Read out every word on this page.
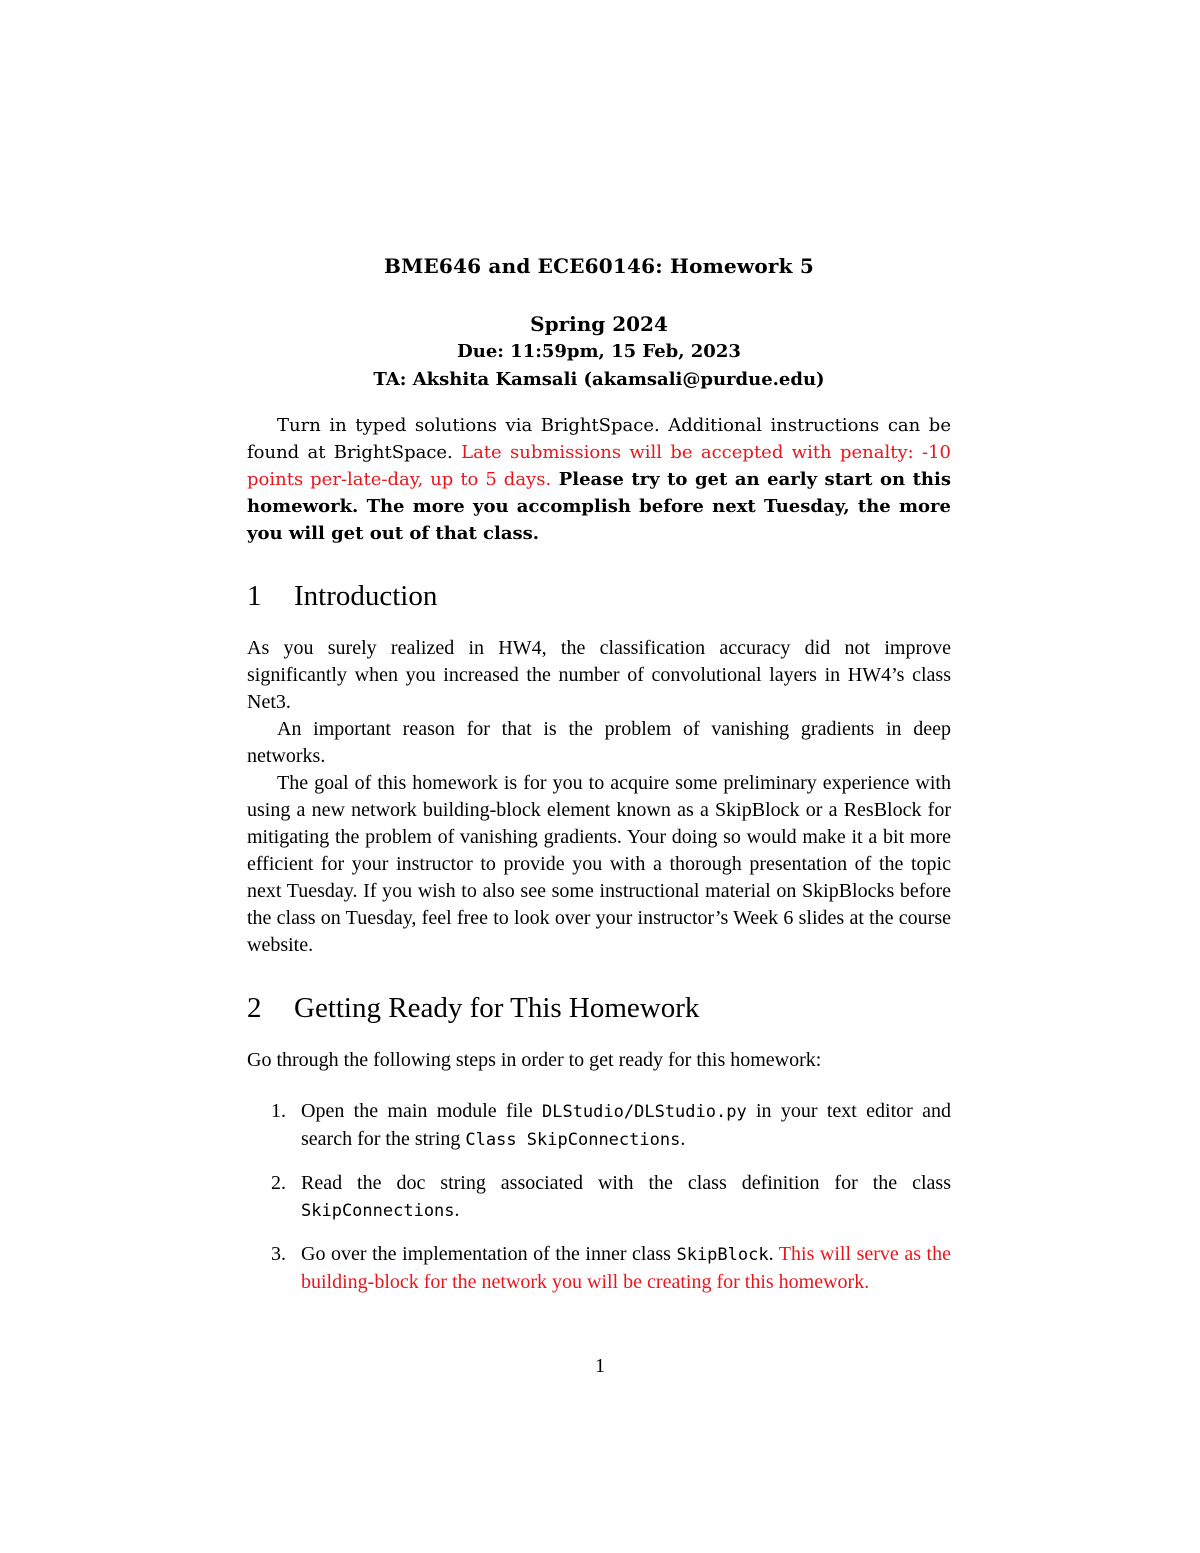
BME646 and ECE60146: Homework 5
Spring 2024
Due: 11:59pm, 15 Feb, 2023
TA: Akshita Kamsali (akamsali@purdue.edu)

Turn in typed solutions via BrightSpace. Additional instructions can be found at BrightSpace. Late submissions will be accepted with penalty: -10 points per-late-day, up to 5 days. Please try to get an early start on this homework. The more you accomplish before next Tuesday, the more you will get out of that class.

1	Introduction

As you surely realized in HW4, the classification accuracy did not improve significantly when you increased the number of convolutional layers in HW4’s class Net3.

An important reason for that is the problem of vanishing gradients in deep networks.

The goal of this homework is for you to acquire some preliminary experience with using a new network building-block element known as a SkipBlock or a ResBlock for mitigating the problem of vanishing gradients. Your doing so would make it a bit more efficient for your instructor to provide you with a thorough presentation of the topic next Tuesday. If you wish to also see some instructional material on SkipBlocks before the class on Tuesday, feel free to look over your instructor’s Week 6 slides at the course website.

2	Getting Ready for This Homework

Go through the following steps in order to get ready for this homework:

1. Open the main module file DLStudio/DLStudio.py in your text editor and search for the string Class SkipConnections.
2. Read the doc string associated with the class definition for the class SkipConnections.
3. Go over the implementation of the inner class SkipBlock. This will serve as the building-block for the network you will be creating for this homework.
1
